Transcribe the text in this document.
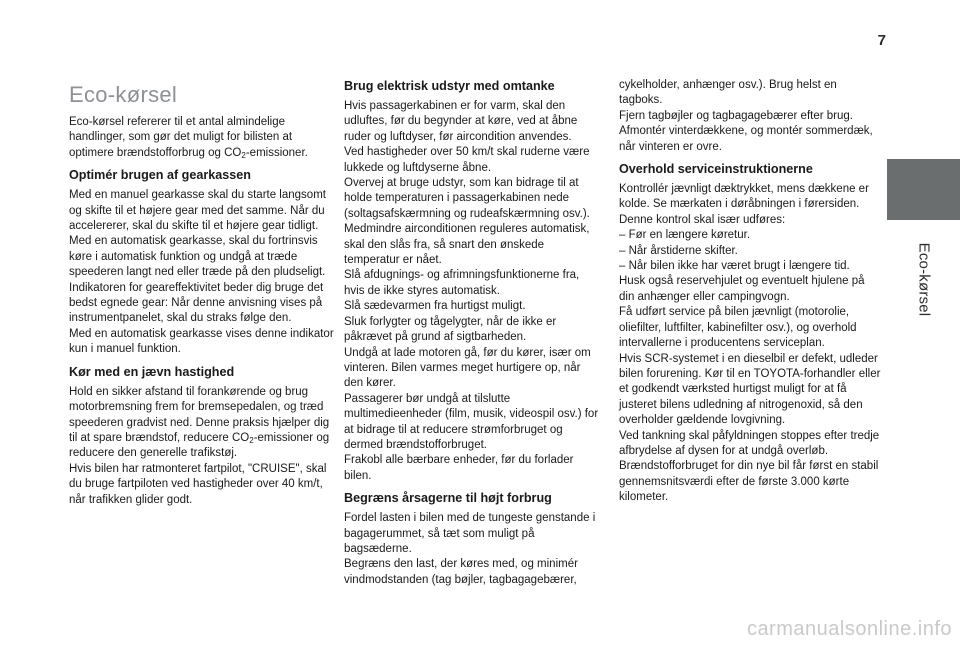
7
Eco-kørsel
Eco-kørsel

Eco-kørsel refererer til et antal almindelige handlinger, som gør det muligt for bilisten at optimere brændstofforbrug og $CO_2$-emissioner.

Optimér brugen af gearkassen

Med en manuel gearkasse skal du starte langsomt og skifte til et højere gear med det samme. Når du accelererer, skal du skifte til et højere gear tidligt.

Med en automatisk gearkasse, skal du fortrinsvis køre i automatisk funktion og undgå at træde speederen langt ned eller træde på den pludseligt.

Indikatoren for geareffektivitet beder dig bruge det bedst egnede gear: Når denne anvisning vises på instrumentpanelet, skal du straks følge den.

Med en automatisk gearkasse vises denne indikator kun i manuel funktion.

Kør med en jævn hastighed

Hold en sikker afstand til forankørende og brug motorbremsning frem for bremsepedalen, og træd speederen gradvist ned. Denne praksis hjælper dig til at spare brændstof, reducere $CO_2$-emissioner og reducere den generelle trafikstøj.

Hvis bilen har ratmonteret fartpilot, "CRUISE", skal du bruge fartpiloten ved hastigheder over 40 km/t, når trafikken glider godt.

Brug elektrisk udstyr med omtanke

Hvis passagerkabinen er for varm, skal den udluftes, før du begynder at køre, ved at åbne ruder og luftdyser, før aircondition anvendes.

Ved hastigheder over 50 km/t skal ruderne være lukkede og luftdyserne åbne.

Overvej at bruge udstyr, som kan bidrage til at holde temperaturen i passagerkabinen nede (soltagsafskærmning og rudeafskærmning osv.).

Medmindre airconditionen reguleres automatisk, skal den slås fra, så snart den ønskede temperatur er nået.

Slå afdugnings- og afrimningsfunktionerne fra, hvis de ikke styres automatisk.

Slå sædevarmen fra hurtigst muligt.

Sluk forlygter og tågelygter, når de ikke er påkrævet på grund af sigtbarheden.

Undgå at lade motoren gå, før du kører, især om vinteren. Bilen varmes meget hurtigere op, når den kører.

Passagerer bør undgå at tilslutte multimedieenheder (film, musik, videospil osv.) for at bidrage til at reducere strømforbruget og dermed brændstofforbruget.

Frakobl alle bærbare enheder, før du forlader bilen.

Begræns årsagerne til højt forbrug

Fordel lasten i bilen med de tungeste genstande i bagagerummet, så tæt som muligt på bagsæderne.

Begræns den last, der køres med, og minimér vindmodstanden (tag bøjler, tagbagagebærer,

cykelholder, anhænger osv.). Brug helst en tagboks.

Fjern tagbøjler og tagbagagebærer efter brug.

Afmontér vinterdækkene, og montér sommerdæk, når vinteren er ovre.

Overhold serviceinstruktionerne

Kontrollér jævnligt dæktrykket, mens dækkene er kolde. Se mærkaten i døråbningen i førersiden.

Denne kontrol skal især udføres:

– Før en længere køretur.

– Når årstiderne skifter.

– Når bilen ikke har været brugt i længere tid.

Husk også reservehjulet og eventuelt hjulene på din anhænger eller campingvogn.

Få udført service på bilen jævnligt (motorolie, oliefilter, luftfilter, kabinefilter osv.), og overhold intervallerne i producentens serviceplan.

Hvis SCR-systemet i en dieselbil er defekt, udleder bilen forurening. Kør til en TOYOTA-forhandler eller et godkendt værksted hurtigst muligt for at få justeret bilens udledning af nitrogenoxid, så den overholder gældende lovgivning.

Ved tankning skal påfyldningen stoppes efter tredje afbrydelse af dysen for at undgå overløb.

Brændstofforbruget for din nye bil får først en stabil gennemsnitsværdi efter de første 3.000 kørte kilometer.

carmanualsonline.info
